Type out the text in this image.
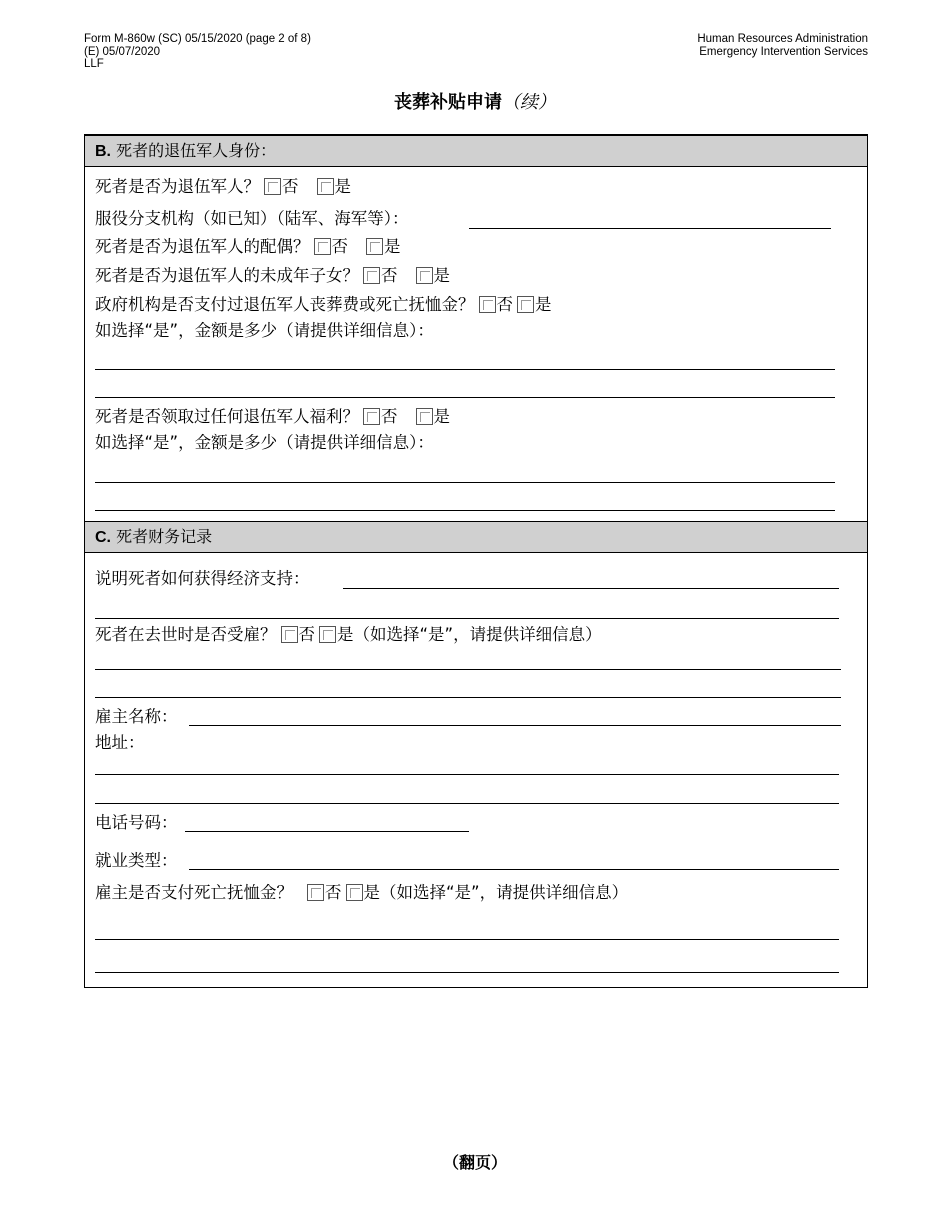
Form M-860w (SC) 05/15/2020 (page 2 of 8)
(E) 05/07/2020
LLF
Human Resources Administration
Emergency Intervention Services
丧葬补贴申请（续）
B. 死者的退伍军人身份：
死者是否为退伍军人？ 否 是
服役分支机构（如已知）（陆军、海军等）：
死者是否为退伍军人的配偶？ 否 是
死者是否为退伍军人的未成年子女？ 否 是
政府机构是否支付过退伍军人丧葬费或死亡抚恤金？ 否 是
如选择“是”，金额是多少（请提供详细信息）：
死者是否领取过任何退伍军人福利？ 否 是
如选择“是”，金额是多少（请提供详细信息）：
C. 死者财务记录
说明死者如何获得经济支持：
死者在去世时是否受雇？ 否 是（如选择“是”，请提供详细信息）
雇主名称：
地址：
电话号码：
就业类型：
雇主是否支付死亡抚恤金？ 否 是（如选择“是”，请提供详细信息）
（翻页）
